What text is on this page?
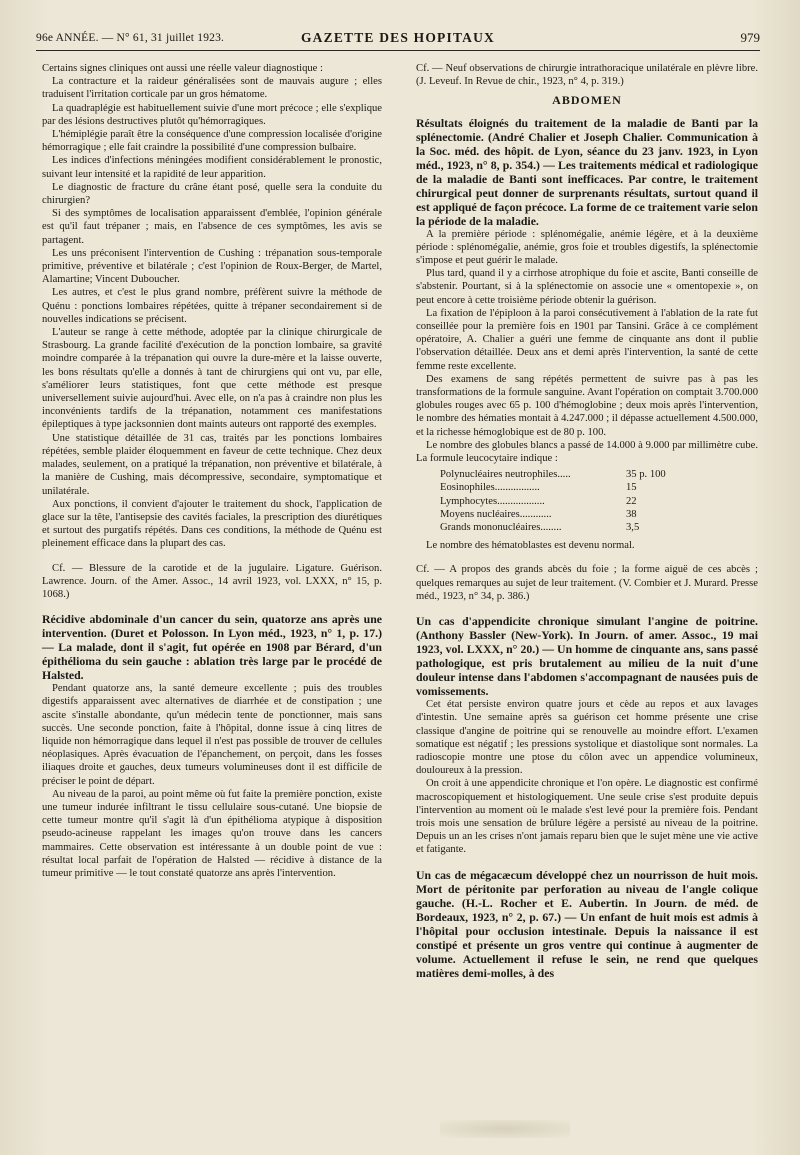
96e ANNÉE. — N° 61, 31 juillet 1923.	GAZETTE DES HOPITAUX	979

Certains signes cliniques ont aussi une réelle valeur diagnostique :

La contracture et la raideur généralisées sont de mauvais augure ; elles traduisent l'irritation corticale par un gros hématome.

La quadraplégie est habituellement suivie d'une mort précoce ; elle s'explique par des lésions destructives plutôt qu'hémorragiques.

L'hémiplégie paraît être la conséquence d'une compression localisée d'origine hémorragique ; elle fait craindre la possibilité d'une compression bulbaire.

Les indices d'infections méningées modifient considérablement le pronostic, suivant leur intensité et la rapidité de leur apparition.

Le diagnostic de fracture du crâne étant posé, quelle sera la conduite du chirurgien?

Si des symptômes de localisation apparaissent d'emblée, l'opinion générale est qu'il faut trépaner ; mais, en l'absence de ces symptômes, les avis se partagent.

Les uns préconisent l'intervention de Cushing : trépanation sous-temporale primitive, préventive et bilatérale ; c'est l'opinion de Roux-Berger, de Martel, Alamartine; Vincent Duboucher.

Les autres, et c'est le plus grand nombre, préfèrent suivre la méthode de Quénu : ponctions lombaires répétées, quitte à trépaner secondairement si de nouvelles indications se précisent.

L'auteur se range à cette méthode, adoptée par la clinique chirurgicale de Strasbourg. La grande facilité d'exécution de la ponction lombaire, sa gravité moindre comparée à la trépanation qui ouvre la dure-mère et la laisse ouverte, les bons résultats qu'elle a donnés à tant de chirurgiens qui ont vu, par elle, s'améliorer leurs statistiques, font que cette méthode est presque universellement suivie aujourd'hui. Avec elle, on n'a pas à craindre non plus les inconvénients tardifs de la trépanation, notamment ces manifestations épileptiques à type jacksonnien dont maints auteurs ont rapporté des exemples.

Une statistique détaillée de 31 cas, traités par les ponctions lombaires répétées, semble plaider éloquemment en faveur de cette technique. Chez deux malades, seulement, on a pratiqué la trépanation, non préventive et bilatérale, à la manière de Cushing, mais décompressive, secondaire, symptomatique et unilatérale.

Aux ponctions, il convient d'ajouter le traitement du shock, l'application de glace sur la tête, l'antisepsie des cavités faciales, la prescription des diurétiques et surtout des purgatifs répétés. Dans ces conditions, la méthode de Quénu est pleinement efficace dans la plupart des cas.

Cf. — Blessure de la carotide et de la jugulaire. Ligature. Guérison. Lawrence. Journ. of the Amer. Assoc., 14 avril 1923, vol. LXXX, n° 15, p. 1068.)

Récidive abdominale d'un cancer du sein, quatorze ans après une intervention. (Duret et Polosson. In Lyon méd., 1923, n° 1, p. 17.) — La malade, dont il s'agit, fut opérée en 1908 par Bérard, d'un épithélioma du sein gauche : ablation très large par le procédé de Halsted.

Pendant quatorze ans, la santé demeure excellente ; puis des troubles digestifs apparaissent avec alternatives de diarrhée et de constipation ; une ascite s'installe abondante, qu'un médecin tente de ponctionner, mais sans succès. Une seconde ponction, faite à l'hôpital, donne issue à cinq litres de liquide non hémorragique dans lequel il n'est pas possible de trouver de cellules néoplasiques. Après évacuation de l'épanchement, on perçoit, dans les fosses iliaques droite et gauches, deux tumeurs volumineuses dont il est difficile de préciser le point de départ.

Au niveau de la paroi, au point même où fut faite la première ponction, existe une tumeur indurée infiltrant le tissu cellulaire sous-cutané. Une biopsie de cette tumeur montre qu'il s'agit là d'un épithélioma atypique à disposition pseudo-acineuse rappelant les images qu'on trouve dans les cancers mammaires. Cette observation est intéressante à un double point de vue : résultat local parfait de l'opération de Halsted — récidive à distance de la tumeur primitive — le tout constaté quatorze ans après l'intervention.

Cf. — Neuf observations de chirurgie intrathoracique unilatérale en plèvre libre. (J. Leveuf. In Revue de chir., 1923, n° 4, p. 319.)

ABDOMEN

Résultats éloignés du traitement de la maladie de Banti par la splénectomie. (André Chalier et Joseph Chalier. Communication à la Soc. méd. des hôpit. de Lyon, séance du 23 janv. 1923, in Lyon méd., 1923, n° 8, p. 354.) — Les traitements médical et radiologique de la maladie de Banti sont inefficaces. Par contre, le traitement chirurgical peut donner de surprenants résultats, surtout quand il est appliqué de façon précoce. La forme de ce traitement varie selon la période de la maladie.

A la première période : splénomégalie, anémie légère, et à la deuxième période : splénomégalie, anémie, gros foie et troubles digestifs, la splénectomie s'impose et peut guérir le malade.

Plus tard, quand il y a cirrhose atrophique du foie et ascite, Banti conseille de s'abstenir. Pourtant, si à la splénectomie on associe une « omentopexie », on peut encore à cette troisième période obtenir la guérison.

La fixation de l'épiploon à la paroi consécutivement à l'ablation de la rate fut conseillée pour la première fois en 1901 par Tansini. Grâce à ce complément opératoire, A. Chalier a guéri une femme de cinquante ans dont il publie l'observation détaillée. Deux ans et demi après l'intervention, la santé de cette femme reste excellente.

Des examens de sang répétés permettent de suivre pas à pas les transformations de la formule sanguine. Avant l'opération on comptait 3.700.000 globules rouges avec 65 p. 100 d'hémoglobine ; deux mois après l'intervention, le nombre des hématies montait à 4.247.000 ; il dépasse actuellement 4.500.000, et la richesse hémoglobique est de 80 p. 100.

Le nombre des globules blancs a passé de 14.000 à 9.000 par millimètre cube. La formule leucocytaire indique :

Polynucléaires neutrophiles.....	35 p. 100
Eosinophiles.................	15
Lymphocytes..................	22
Moyens nucléaires............	38
Grands mononucléaires........	3,5

Le nombre des hématoblastes est devenu normal.

Cf. — A propos des grands abcès du foie ; la forme aiguë de ces abcès ; quelques remarques au sujet de leur traitement. (V. Combier et J. Murard. Presse méd., 1923, n° 34, p. 386.)

Un cas d'appendicite chronique simulant l'angine de poitrine. (Anthony Bassler (New-York). In Journ. of amer. Assoc., 19 mai 1923, vol. LXXX, n° 20.) — Un homme de cinquante ans, sans passé pathologique, est pris brutalement au milieu de la nuit d'une douleur intense dans l'abdomen s'accompagnant de nausées puis de vomissements.

Cet état persiste environ quatre jours et cède au repos et aux lavages d'intestin. Une semaine après sa guérison cet homme présente une crise classique d'angine de poitrine qui se renouvelle au moindre effort. L'examen somatique est négatif ; les pressions systolique et diastolique sont normales. La radioscopie montre une ptose du côlon avec un appendice volumineux, douloureux à la pression.

On croit à une appendicite chronique et l'on opère. Le diagnostic est confirmé macroscopiquement et histologiquement. Une seule crise s'est produite depuis l'intervention au moment où le malade s'est levé pour la première fois. Pendant trois mois une sensation de brûlure légère a persisté au niveau de la poitrine. Depuis un an les crises n'ont jamais reparu bien que le sujet mène une vie active et fatigante.

Un cas de mégacæcum développé chez un nourrisson de huit mois. Mort de péritonite par perforation au niveau de l'angle colique gauche. (H.-L. Rocher et E. Aubertin. In Journ. de méd. de Bordeaux, 1923, n° 2, p. 67.) — Un enfant de huit mois est admis à l'hôpital pour occlusion intestinale. Depuis la naissance il est constipé et présente un gros ventre qui continue à augmenter de volume. Actuellement il refuse le sein, ne rend que quelques matières demi-molles, à des
